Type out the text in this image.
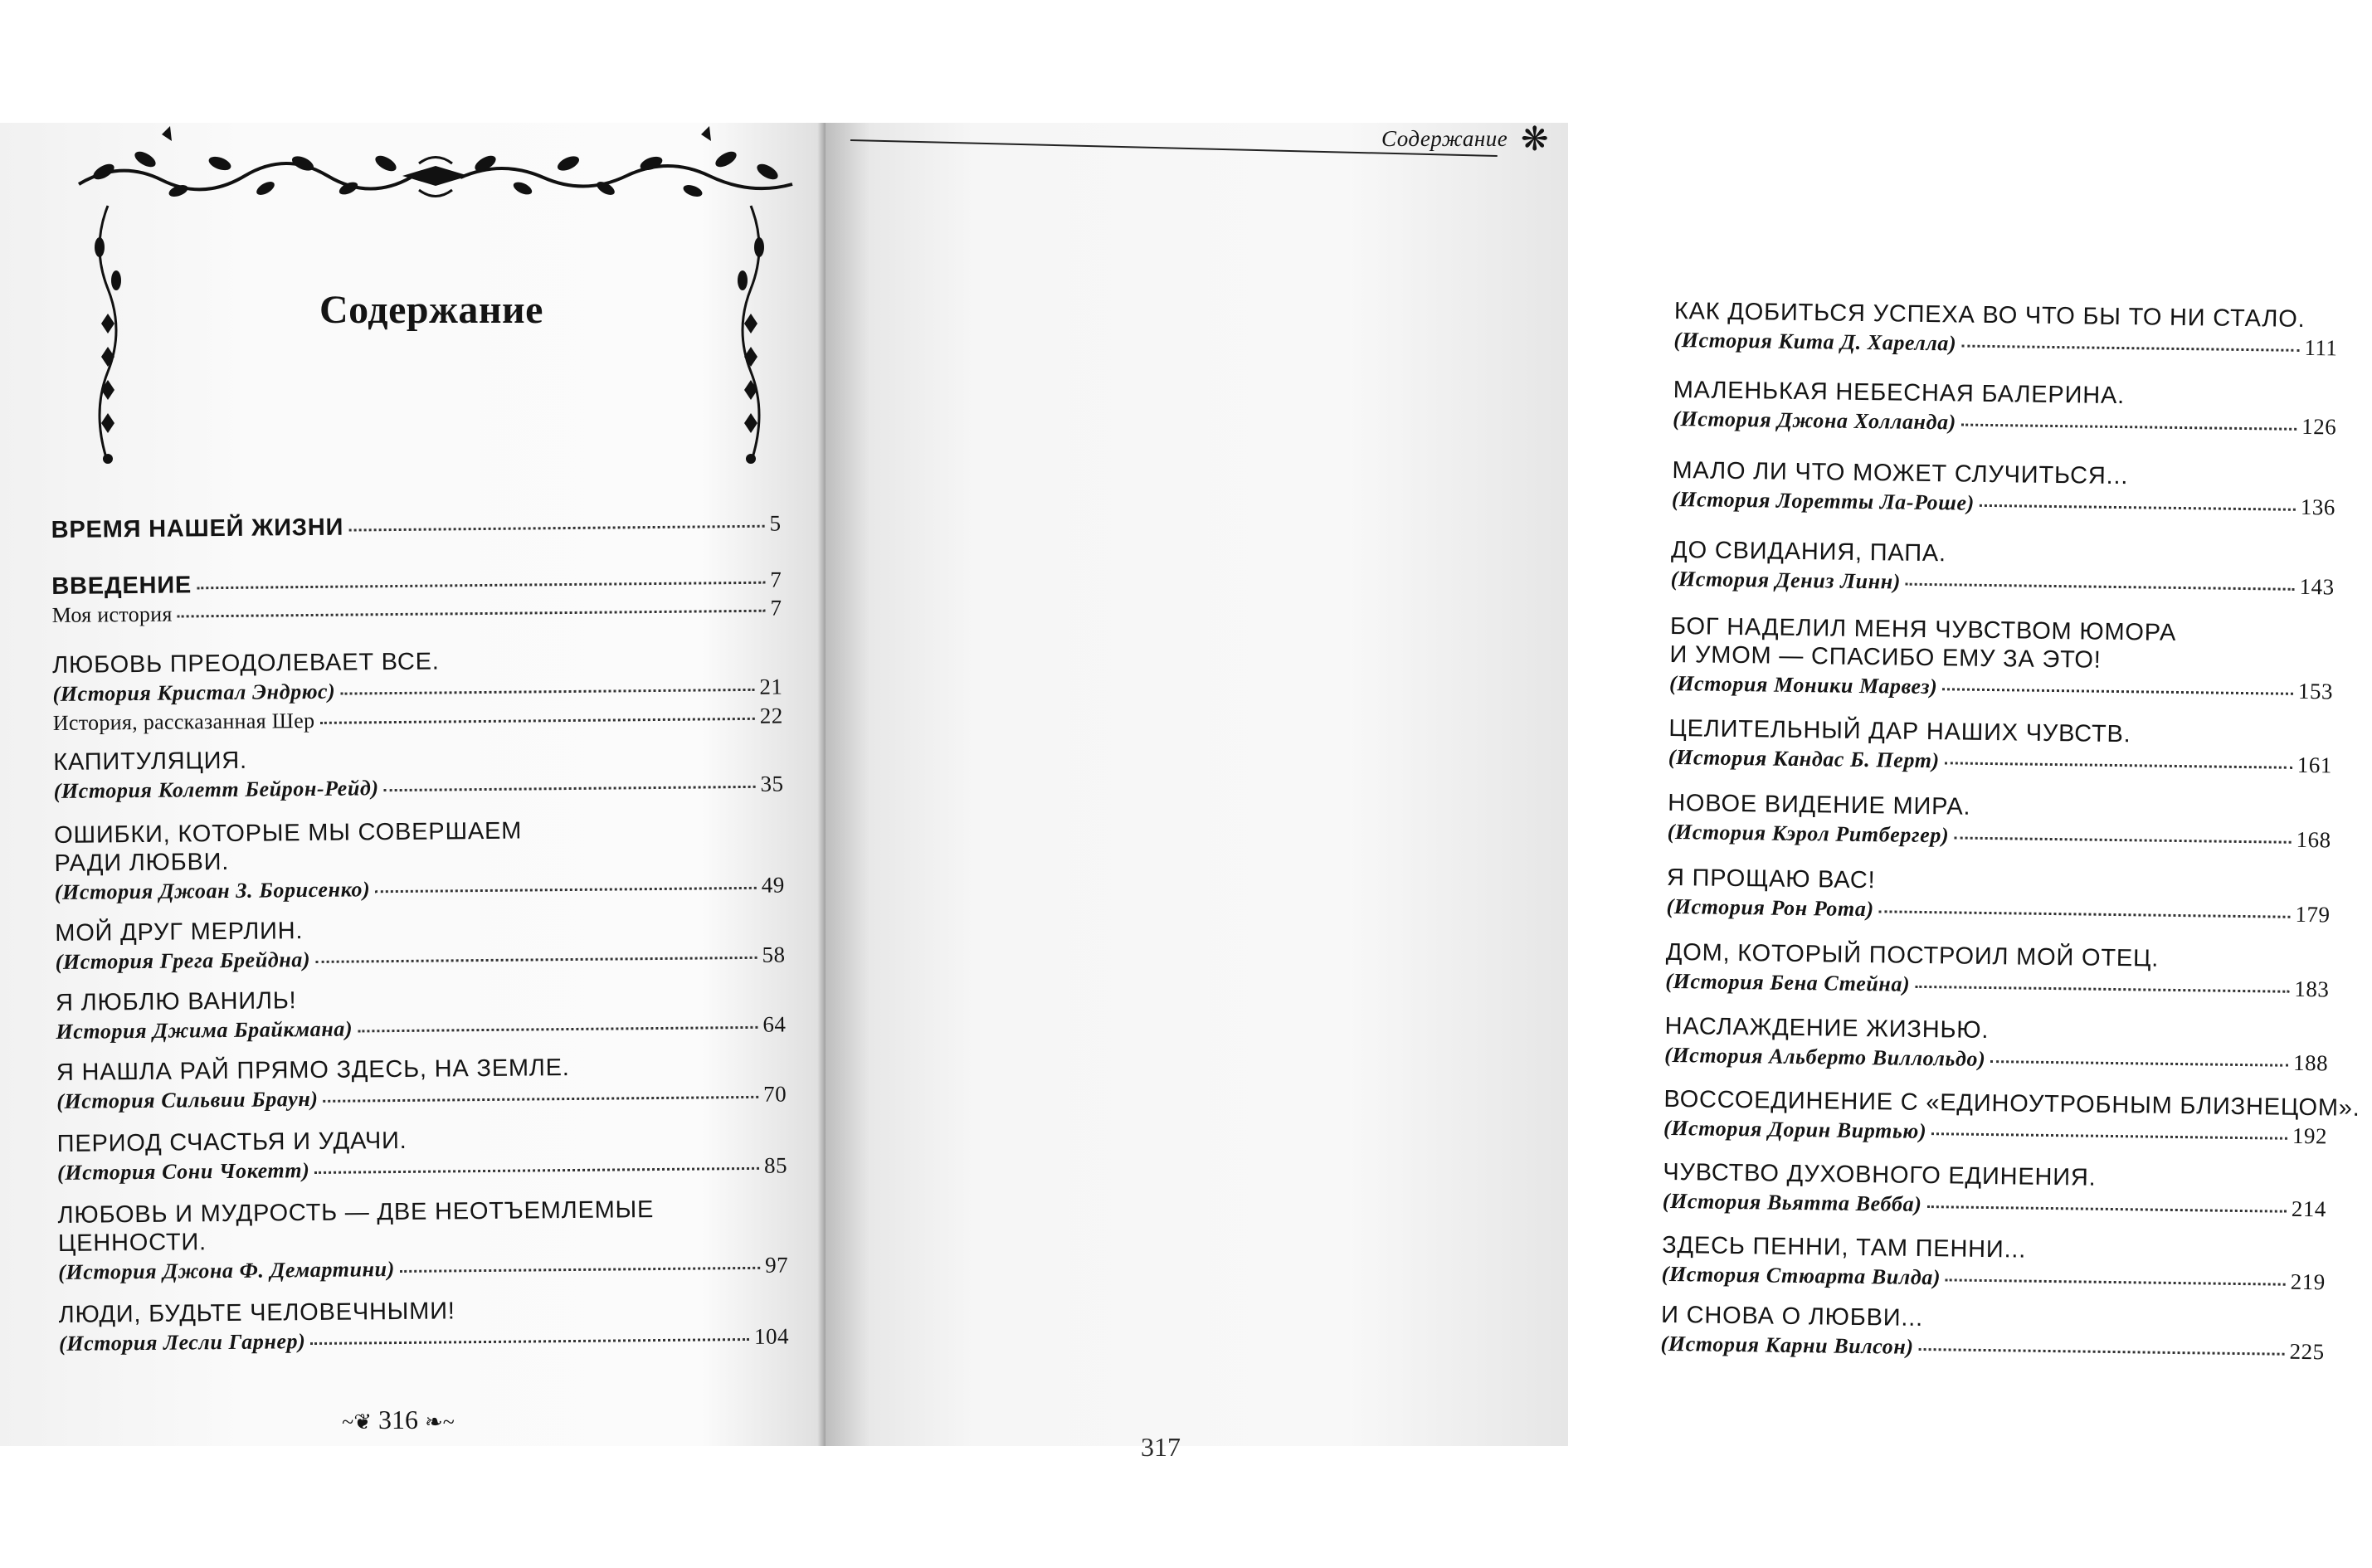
Содержание
ВРЕМЯ НАШЕЙ ЖИЗНИ	5
ВВЕДЕНИЕ	7
Моя история	7
ЛЮБОВЬ ПРЕОДОЛЕВАЕТ ВСЕ.
(История Кристал Эндрюс)	21
История, рассказанная Шер	22
КАПИТУЛЯЦИЯ.
(История Колетт Бейрон-Рейд)	35
ОШИБКИ, КОТОРЫЕ МЫ СОВЕРШАЕМ
РАДИ ЛЮБВИ.
(История Джоан З. Борисенко)	49
МОЙ ДРУГ МЕРЛИН.
(История Грега Брейдна)	58
Я ЛЮБЛЮ ВАНИЛЬ!
История Джима Брайкмана)	64
Я НАШЛА РАЙ ПРЯМО ЗДЕСЬ, НА ЗЕМЛЕ.
(История Сильвии Браун)	70
ПЕРИОД СЧАСТЬЯ И УДАЧИ.
(История Сони Чокетт)	85
ЛЮБОВЬ И МУДРОСТЬ — ДВЕ НЕОТЪЕМЛЕМЫЕ
ЦЕННОСТИ.
(История Джона Ф. Демартини)	97
ЛЮДИ, БУДЬТЕ ЧЕЛОВЕЧНЫМИ!
(История Лесли Гарнер)	104
~❦ 316 ❧~
Содержание ❋
КАК ДОБИТЬСЯ УСПЕХА ВО ЧТО БЫ ТО НИ СТАЛО.
(История Кита Д. Харелла)	111
МАЛЕНЬКАЯ НЕБЕСНАЯ БАЛЕРИНА.
(История Джона Холланда)	126
МАЛО ЛИ ЧТО МОЖЕТ СЛУЧИТЬСЯ...
(История Лоретты Ла-Роше)	136
ДО СВИДАНИЯ, ПАПА.
(История Дениз Линн)	143
БОГ НАДЕЛИЛ МЕНЯ ЧУВСТВОМ ЮМОРА
И УМОМ — СПАСИБО ЕМУ ЗА ЭТО!
(История Моники Марвез)	153
ЦЕЛИТЕЛЬНЫЙ ДАР НАШИХ ЧУВСТВ.
(История Кандас Б. Перт)	161
НОВОЕ ВИДЕНИЕ МИРА.
(История Кэрол Ритбергер)	168
Я ПРОЩАЮ ВАС!
(История Рон Рота)	179
ДОМ, КОТОРЫЙ ПОСТРОИЛ МОЙ ОТЕЦ.
(История Бена Стейна)	183
НАСЛАЖДЕНИЕ ЖИЗНЬЮ.
(История Альберто Виллольдо)	188
ВОССОЕДИНЕНИЕ С «ЕДИНОУТРОБНЫМ БЛИЗНЕЦОМ».
(История Дорин Виртью)	192
ЧУВСТВО ДУХОВНОГО ЕДИНЕНИЯ.
(История Вьятта Вебба)	214
ЗДЕСЬ ПЕННИ, ТАМ ПЕННИ...
(История Стюарта Вилда)	219
И СНОВА О ЛЮБВИ...
(История Карни Вилсон)	225
317
